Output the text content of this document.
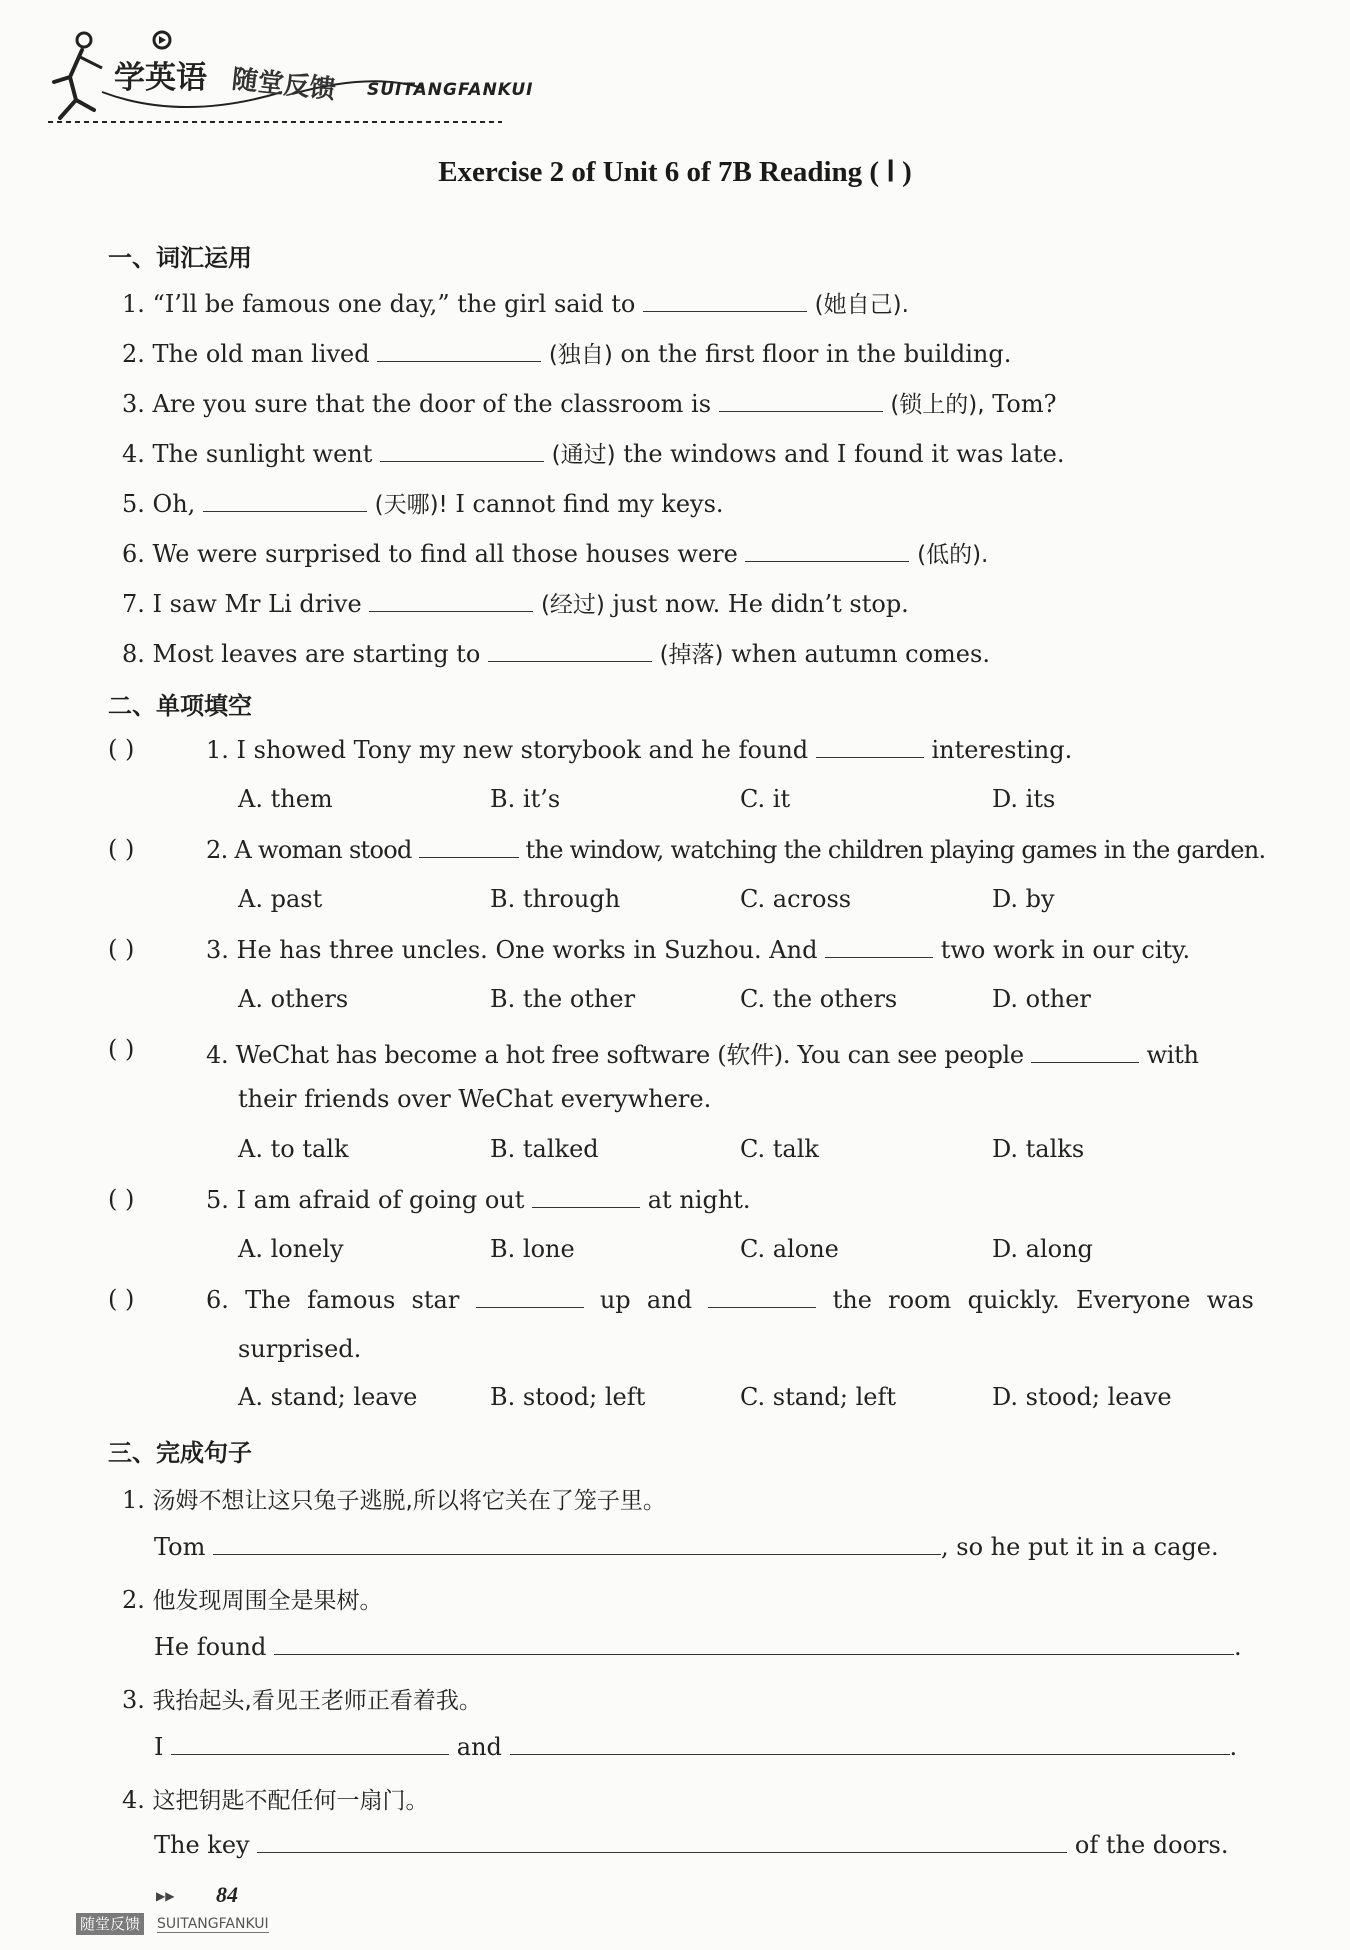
学英语 随堂反馈 SUITANGFANKUI
Exercise 2 of Unit 6 of 7B Reading ( Ⅰ )
一、词汇运用
1. “I’ll be famous one day,” the girl said to	(她自己).
2. The old man lived	(独自) on the first floor in the building.
3. Are you sure that the door of the classroom is	(锁上的), Tom?
4. The sunlight went	(通过) the windows and I found it was late.
5. Oh,	(天哪)! I cannot find my keys.
6. We were surprised to find all those houses were	(低的).
7. I saw Mr Li drive	(经过) just now. He didn’t stop.
8. Most leaves are starting to	(掉落) when autumn comes.
二、单项填空
( )	1. I showed Tony my new storybook and he found	interesting.
A. them	B. it’s	C. it	D. its
( )	2. A woman stood	the window, watching the children playing games in the garden.
A. past	B. through	C. across	D. by
( )	3. He has three uncles. One works in Suzhou. And	two work in our city.
A. others	B. the other	C. the others	D. other
( )	4. WeChat has become a hot free software (软件). You can see people	with
their friends over WeChat everywhere.
A. to talk	B. talked	C. talk	D. talks
( )	5. I am afraid of going out	at night.
A. lonely	B. lone	C. alone	D. along
( )	6. The famous star	up and	the room quickly. Everyone was
surprised.
A. stand; leave	B. stood; left	C. stand; left	D. stood; leave
三、完成句子
1. 汤姆不想让这只兔子逃脱,所以将它关在了笼子里。
Tom	, so he put it in a cage.
2. 他发现周围全是果树。
He found	.
3. 我抬起头,看见王老师正看着我。
I	and	.
4. 这把钥匙不配任何一扇门。
The key	of the doors.
▶▶ 84
随堂反馈 SUITANGFANKUI
